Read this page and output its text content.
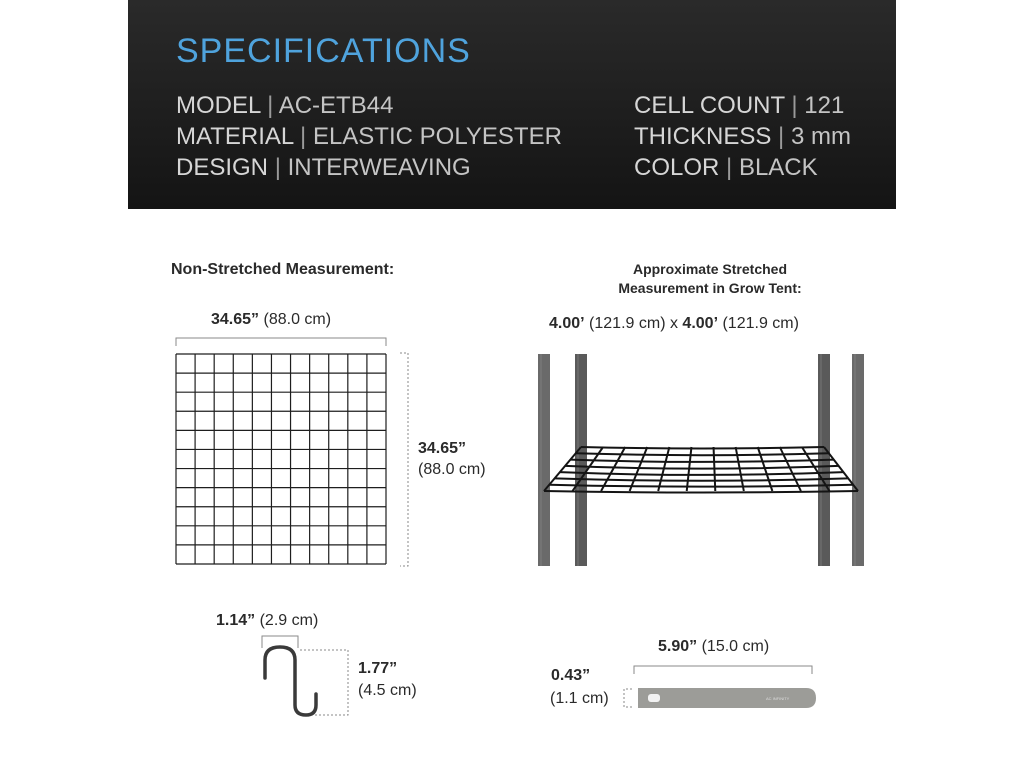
SPECIFICATIONS
MODEL | AC-ETB44
MATERIAL | ELASTIC POLYESTER
DESIGN | INTERWEAVING
CELL COUNT | 121
THICKNESS | 3 mm
COLOR | BLACK
AC INFINITY
Non-Stretched Measurement:
34.65” (88.0 cm)
34.65”
(88.0 cm)
Approximate Stretched
Measurement in Grow Tent:
4.00’ (121.9 cm) x 4.00’ (121.9 cm)
1.14” (2.9 cm)
1.77”
(4.5 cm)
5.90” (15.0 cm)
0.43”
(1.1 cm)
